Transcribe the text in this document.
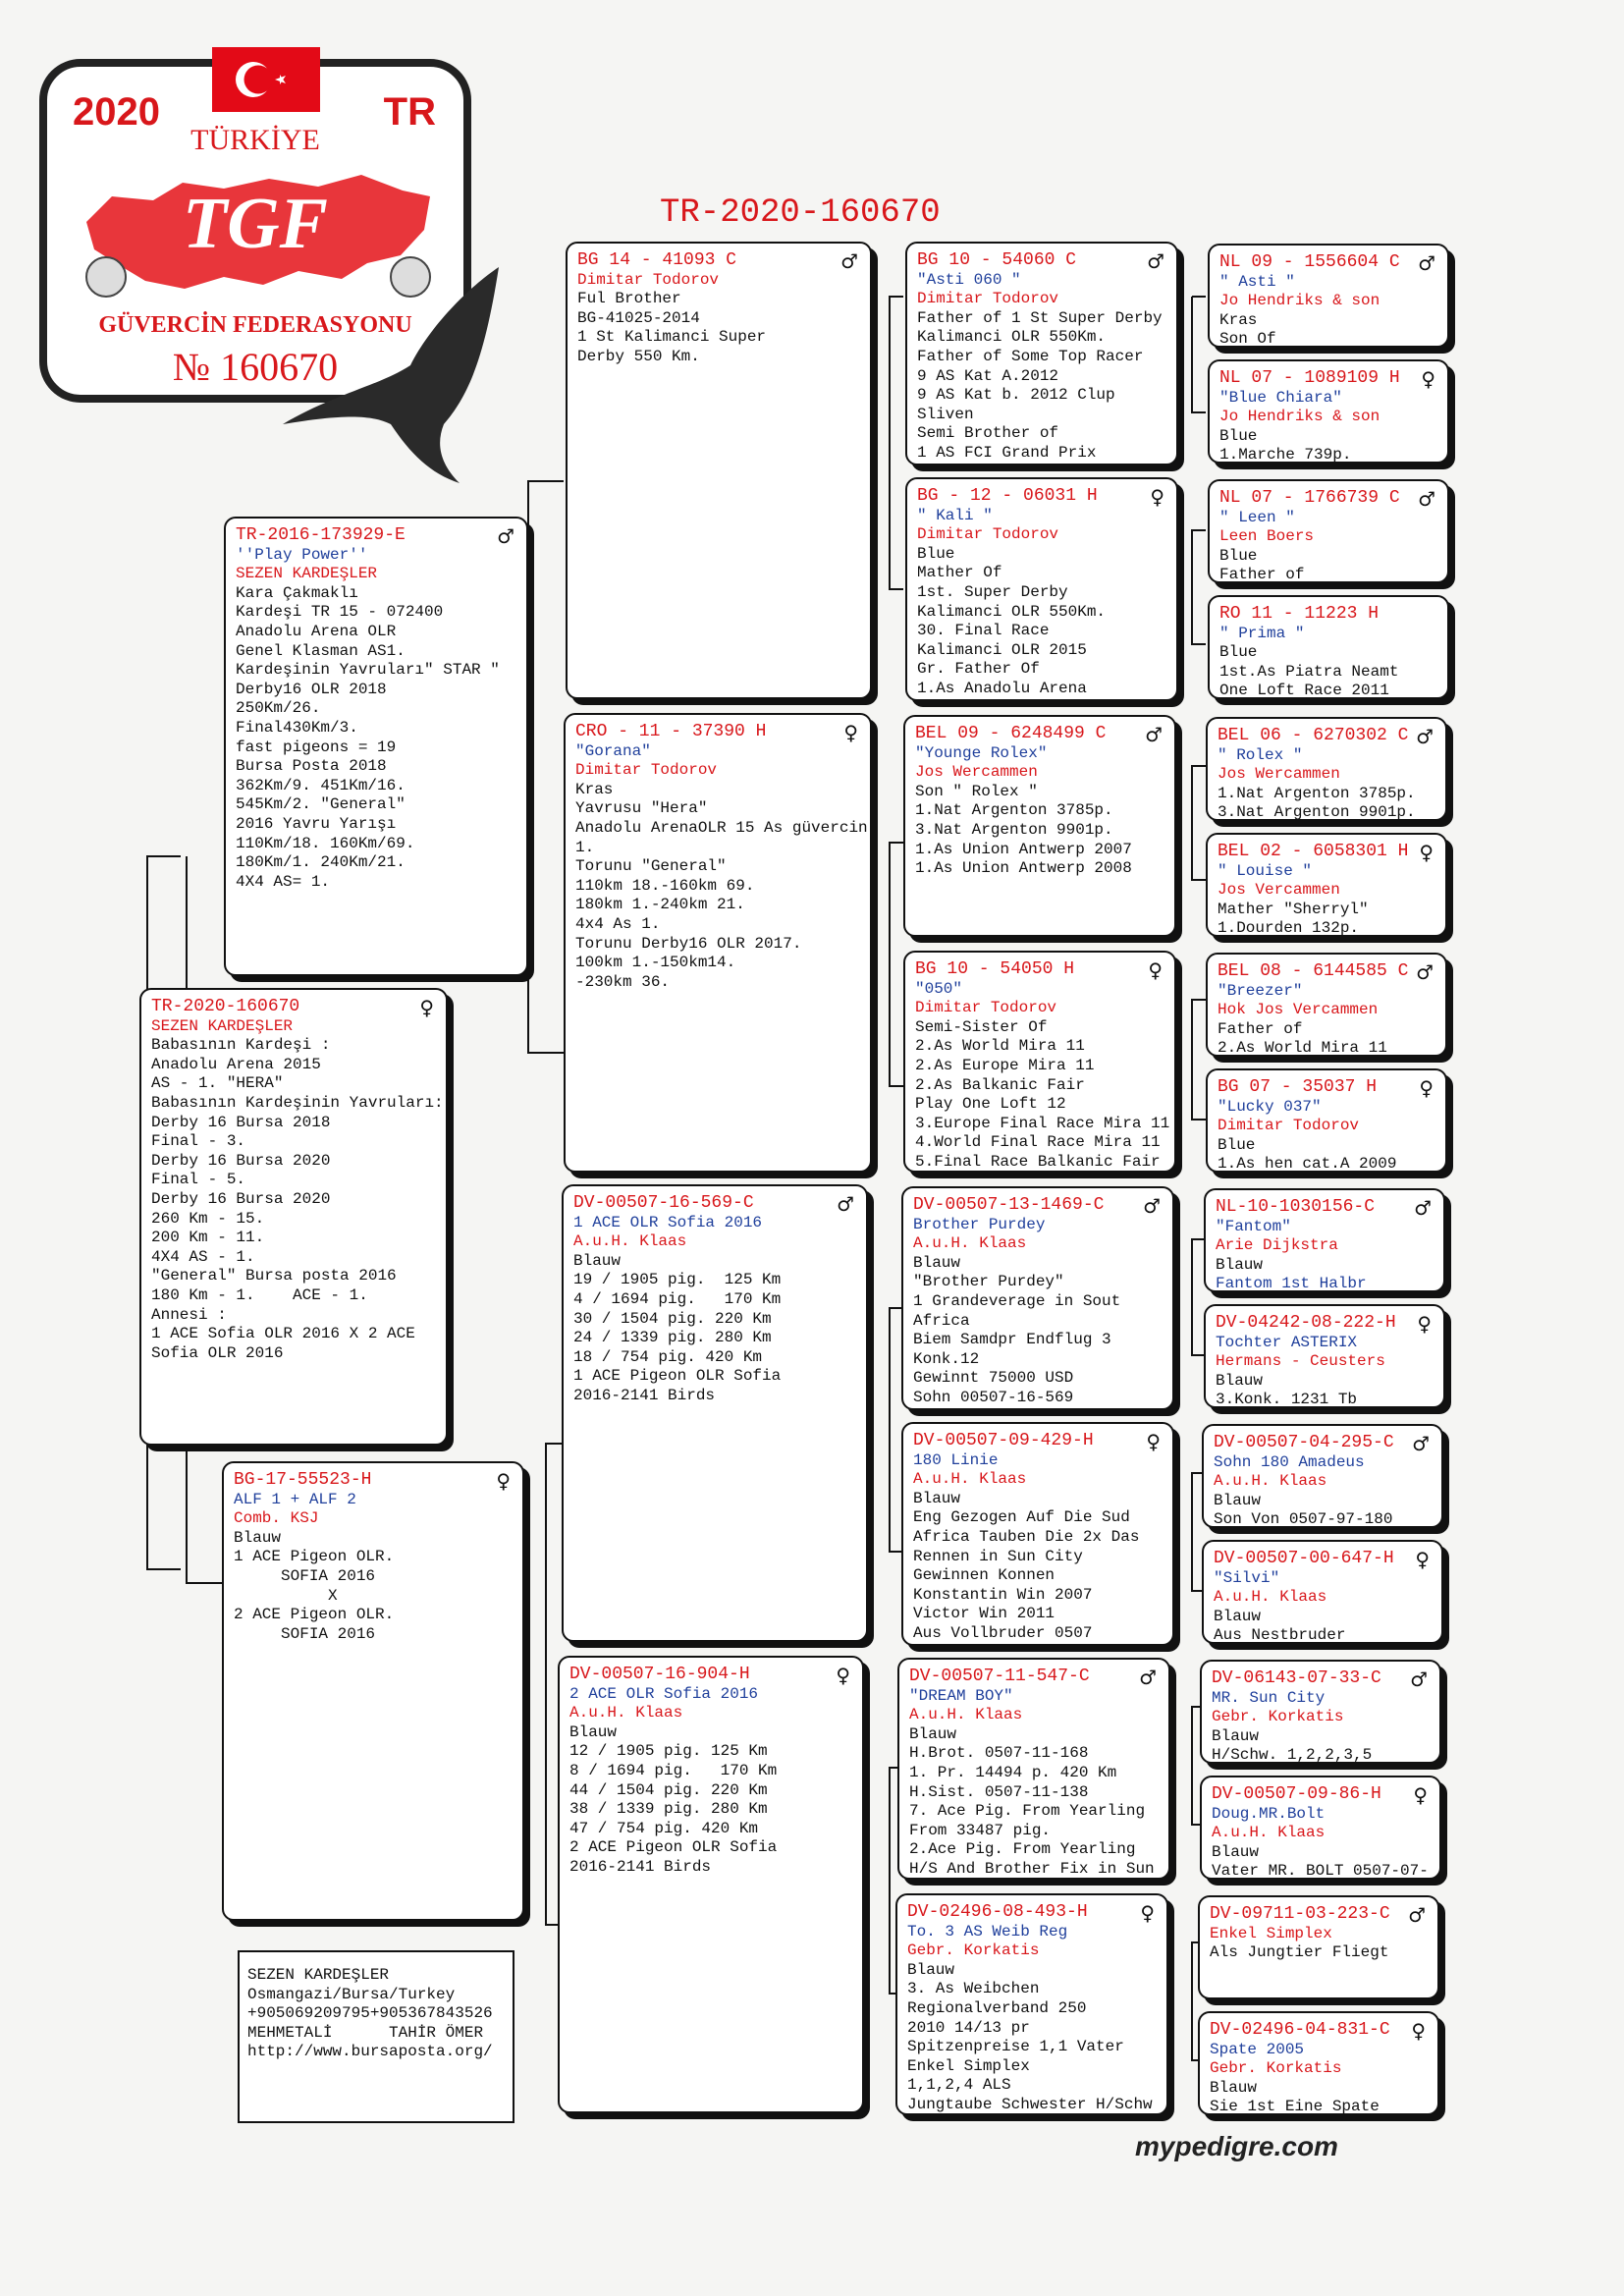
2020	TR
TÜRKİYE
TGF
GÜVERCİN FEDERASYONU
№ 160670
TR-2020-160670
♀
TR-2020-160670
SEZEN KARDEŞLER
Babasının Kardeşi :
Anadolu Arena 2015
AS - 1. "HERA"
Babasının Kardeşinin Yavruları:
Derby 16 Bursa 2018
Final - 3.
Derby 16 Bursa 2020
Final - 5.
Derby 16 Bursa 2020
260 Km - 15.
200 Km - 11.
4X4 AS - 1.
"General" Bursa posta 2016
180 Km - 1.    ACE - 1.
Annesi :
1 ACE Sofia OLR 2016 X 2 ACE
Sofia OLR 2016
♂
TR-2016-173929-E
''Play Power''
SEZEN KARDEŞLER
Kara Çakmaklı
Kardeşi TR 15 - 072400
Anadolu Arena OLR
Genel Klasman AS1.
Kardeşinin Yavruları" STAR "
Derby16 OLR 2018
250Km/26.
Final430Km/3.
fast pigeons = 19
Bursa Posta 2018
362Km/9. 451Km/16.
545Km/2. "General"
2016 Yavru Yarışı
110Km/18. 160Km/69.
180Km/1. 240Km/21.
4X4 AS= 1.
♀
BG-17-55523-H
ALF 1 + ALF 2
Comb. KSJ
Blauw
1 ACE Pigeon OLR.
SOFIA 2016
X
2 ACE Pigeon OLR.
SOFIA 2016
♂
BG 14 - 41093 C
Dimitar Todorov
Ful Brother
BG-41025-2014
1 St Kalimanci Super
Derby 550 Km.
♀
CRO - 11 - 37390 H
"Gorana"
Dimitar Todorov
Kras
Yavrusu "Hera"
Anadolu ArenaOLR 15 As güvercin
1.
Torunu "General"
110km 18.-160km 69.
180km 1.-240km 21.
4x4 As 1.
Torunu Derby16 OLR 2017.
100km 1.-150km14.
-230km 36.
♂
DV-00507-16-569-C
1 ACE OLR Sofia 2016
A.u.H. Klaas
Blauw
19 / 1905 pig.  125 Km
4 / 1694 pig.   170 Km
30 / 1504 pig. 220 Km
24 / 1339 pig. 280 Km
18 / 754 pig. 420 Km
1 ACE Pigeon OLR Sofia
2016-2141 Birds
♀
DV-00507-16-904-H
2 ACE OLR Sofia 2016
A.u.H. Klaas
Blauw
12 / 1905 pig. 125 Km
8 / 1694 pig.   170 Km
44 / 1504 pig. 220 Km
38 / 1339 pig. 280 Km
47 / 754 pig. 420 Km
2 ACE Pigeon OLR Sofia
2016-2141 Birds
♂
BG 10 - 54060 C
"Asti 060 "
Dimitar Todorov
Father of 1 St Super Derby
Kalimanci OLR 550Km.
Father of Some Top Racer
9 AS Kat A.2012
9 AS Kat b. 2012 Clup
Sliven
Semi Brother of
1 AS FCI Grand Prix
♀
BG - 12 - 06031 H
" Kali "
Dimitar Todorov
Blue
Mather Of
1st. Super Derby
Kalimanci OLR 550Km.
30. Final Race
Kalimanci OLR 2015
Gr. Father Of
1.As Anadolu Arena
♂
BEL 09 - 6248499 C
"Younge Rolex"
Jos Wercammen
Son " Rolex "
1.Nat Argenton 3785p.
3.Nat Argenton 9901p.
1.As Union Antwerp 2007
1.As Union Antwerp 2008
♀
BG 10 - 54050 H
"050"
Dimitar Todorov
Semi-Sister Of
2.As World Mira 11
2.As Europe Mira 11
2.As Balkanic Fair
Play One Loft 12
3.Europe Final Race Mira 11
4.World Final Race Mira 11
5.Final Race Balkanic Fair
♂
DV-00507-13-1469-C
Brother Purdey
A.u.H. Klaas
Blauw
"Brother Purdey"
1 Grandeverage in Sout
Africa
Biem Samdpr Endflug 3
Konk.12
Gewinnt 75000 USD
Sohn 00507-16-569
♀
DV-00507-09-429-H
180 Linie
A.u.H. Klaas
Blauw
Eng Gezogen Auf Die Sud
Africa Tauben Die 2x Das
Rennen in Sun City
Gewinnen Konnen
Konstantin Win 2007
Victor Win 2011
Aus Vollbruder 0507
♂
DV-00507-11-547-C
"DREAM BOY"
A.u.H. Klaas
Blauw
H.Brot. 0507-11-168
1. Pr. 14494 p. 420 Km
H.Sist. 0507-11-138
7. Ace Pig. From Yearling
From 33487 pig.
2.Ace Pig. From Yearling
H/S And Brother Fix in Sun
♀
DV-02496-08-493-H
To. 3 AS Weib Reg
Gebr. Korkatis
Blauw
3. As Weibchen
Regionalverband 250
2010 14/13 pr
Spitzenpreise 1,1 Vater
Enkel Simplex
1,1,2,4 ALS
Jungtaube Schwester H/Schw
♂
NL 09 - 1556604 C
" Asti "
Jo Hendriks & son
Kras
Son Of
♀
NL 07 - 1089109 H
"Blue Chiara"
Jo Hendriks & son
Blue
1.Marche 739p.
♂
NL 07 - 1766739 C
" Leen "
Leen Boers
Blue
Father of
RO 11 - 11223 H
" Prima "
Blue
1st.As Piatra Neamt
One Loft Race 2011
♂
BEL 06 - 6270302 C
" Rolex "
Jos Wercammen
1.Nat Argenton 3785p.
3.Nat Argenton 9901p.
♀
BEL 02 - 6058301 H
" Louise "
Jos Vercammen
Mather "Sherryl"
1.Dourden 132p.
♂
BEL 08 - 6144585 C
"Breezer"
Hok Jos Vercammen
Father of
2.As World Mira 11
♀
BG 07 - 35037 H
"Lucky 037"
Dimitar Todorov
Blue
1.As hen cat.A 2009
♂
NL-10-1030156-C
"Fantom"
Arie Dijkstra
Blauw
Fantom 1st Halbr
♀
DV-04242-08-222-H
Tochter ASTERIX
Hermans - Ceusters
Blauw
3.Konk. 1231 Tb
♂
DV-00507-04-295-C
Sohn 180 Amadeus
A.u.H. Klaas
Blauw
Son Von 0507-97-180
♀
DV-00507-00-647-H
"Silvi"
A.u.H. Klaas
Blauw
Aus Nestbruder
♂
DV-06143-07-33-C
MR. Sun City
Gebr. Korkatis
Blauw
H/Schw. 1,2,2,3,5
♀
DV-00507-09-86-H
Doug.MR.Bolt
A.u.H. Klaas
Blauw
Vater MR. BOLT 0507-07-
♂
DV-09711-03-223-C
Enkel Simplex
Als Jungtier Fliegt
♀
DV-02496-04-831-C
Spate 2005
Gebr. Korkatis
Blauw
Sie 1st Eine Spate
SEZEN KARDEŞLER
Osmangazi/Bursa/Turkey
+905069209795+905367843526
MEHMETALİ      TAHİR ÖMER
http://www.bursaposta.org/
mypedigre.com
